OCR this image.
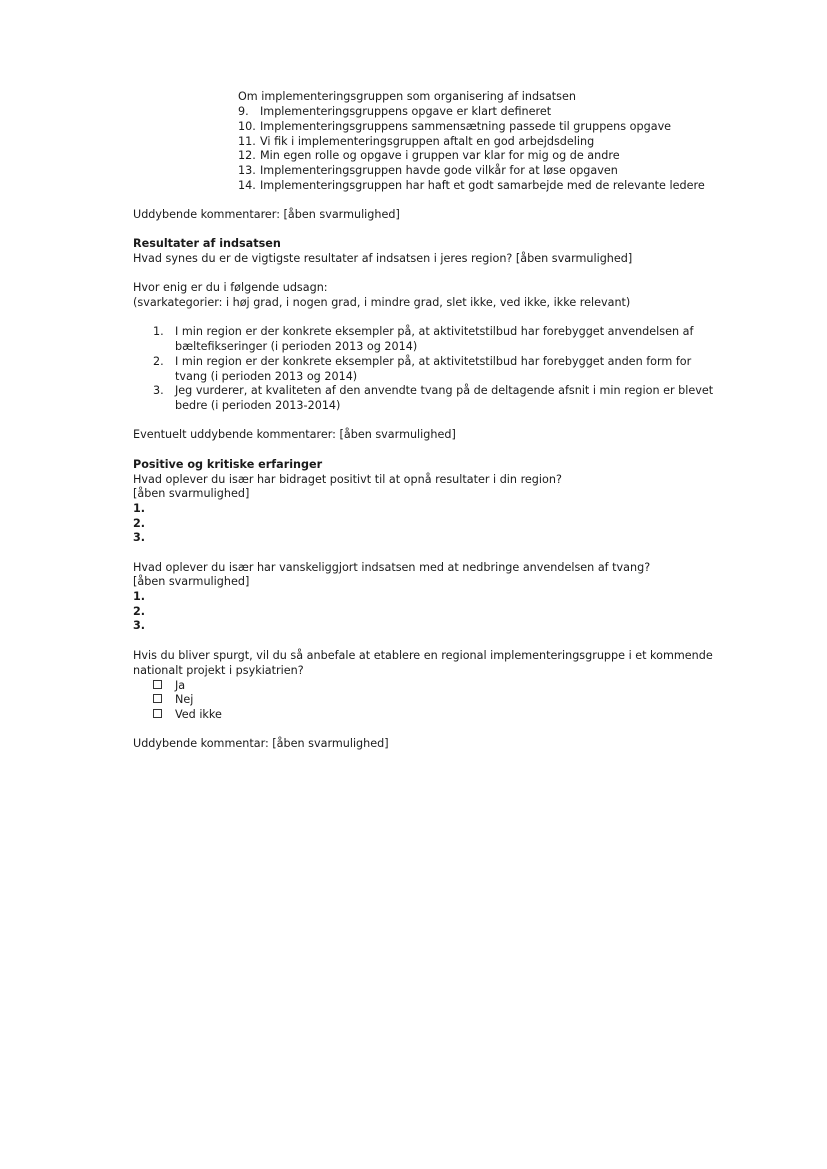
Om implementeringsgruppen som organisering af indsatsen
9. Implementeringsgruppens opgave er klart defineret
10. Implementeringsgruppens sammensætning passede til gruppens opgave
11. Vi fik i implementeringsgruppen aftalt en god arbejdsdeling
12. Min egen rolle og opgave i gruppen var klar for mig og de andre
13. Implementeringsgruppen havde gode vilkår for at løse opgaven
14. Implementeringsgruppen har haft et godt samarbejde med de relevante ledere
Uddybende kommentarer: [åben svarmulighed]
Resultater af indsatsen
Hvad synes du er de vigtigste resultater af indsatsen i jeres region? [åben svarmulighed]
Hvor enig er du i følgende udsagn:
(svarkategorier: i høj grad, i nogen grad, i mindre grad, slet ikke, ved ikke, ikke relevant)
1. I min region er der konkrete eksempler på, at aktivitetstilbud har forebygget anvendelsen af
bæltefikseringer (i perioden 2013 og 2014)
2. I min region er der konkrete eksempler på, at aktivitetstilbud har forebygget anden form for
tvang (i perioden 2013 og 2014)
3. Jeg vurderer, at kvaliteten af den anvendte tvang på de deltagende afsnit i min region er blevet
bedre (i perioden 2013-2014)
Eventuelt uddybende kommentarer: [åben svarmulighed]
Positive og kritiske erfaringer
Hvad oplever du især har bidraget positivt til at opnå resultater i din region?
[åben svarmulighed]
1.
2.
3.
Hvad oplever du især har vanskeliggjort indsatsen med at nedbringe anvendelsen af tvang?
[åben svarmulighed]
1.
2.
3.
Hvis du bliver spurgt, vil du så anbefale at etablere en regional implementeringsgruppe i et kommende
nationalt projekt i psykiatrien?
Ja
Nej
Ved ikke
Uddybende kommentar: [åben svarmulighed]
